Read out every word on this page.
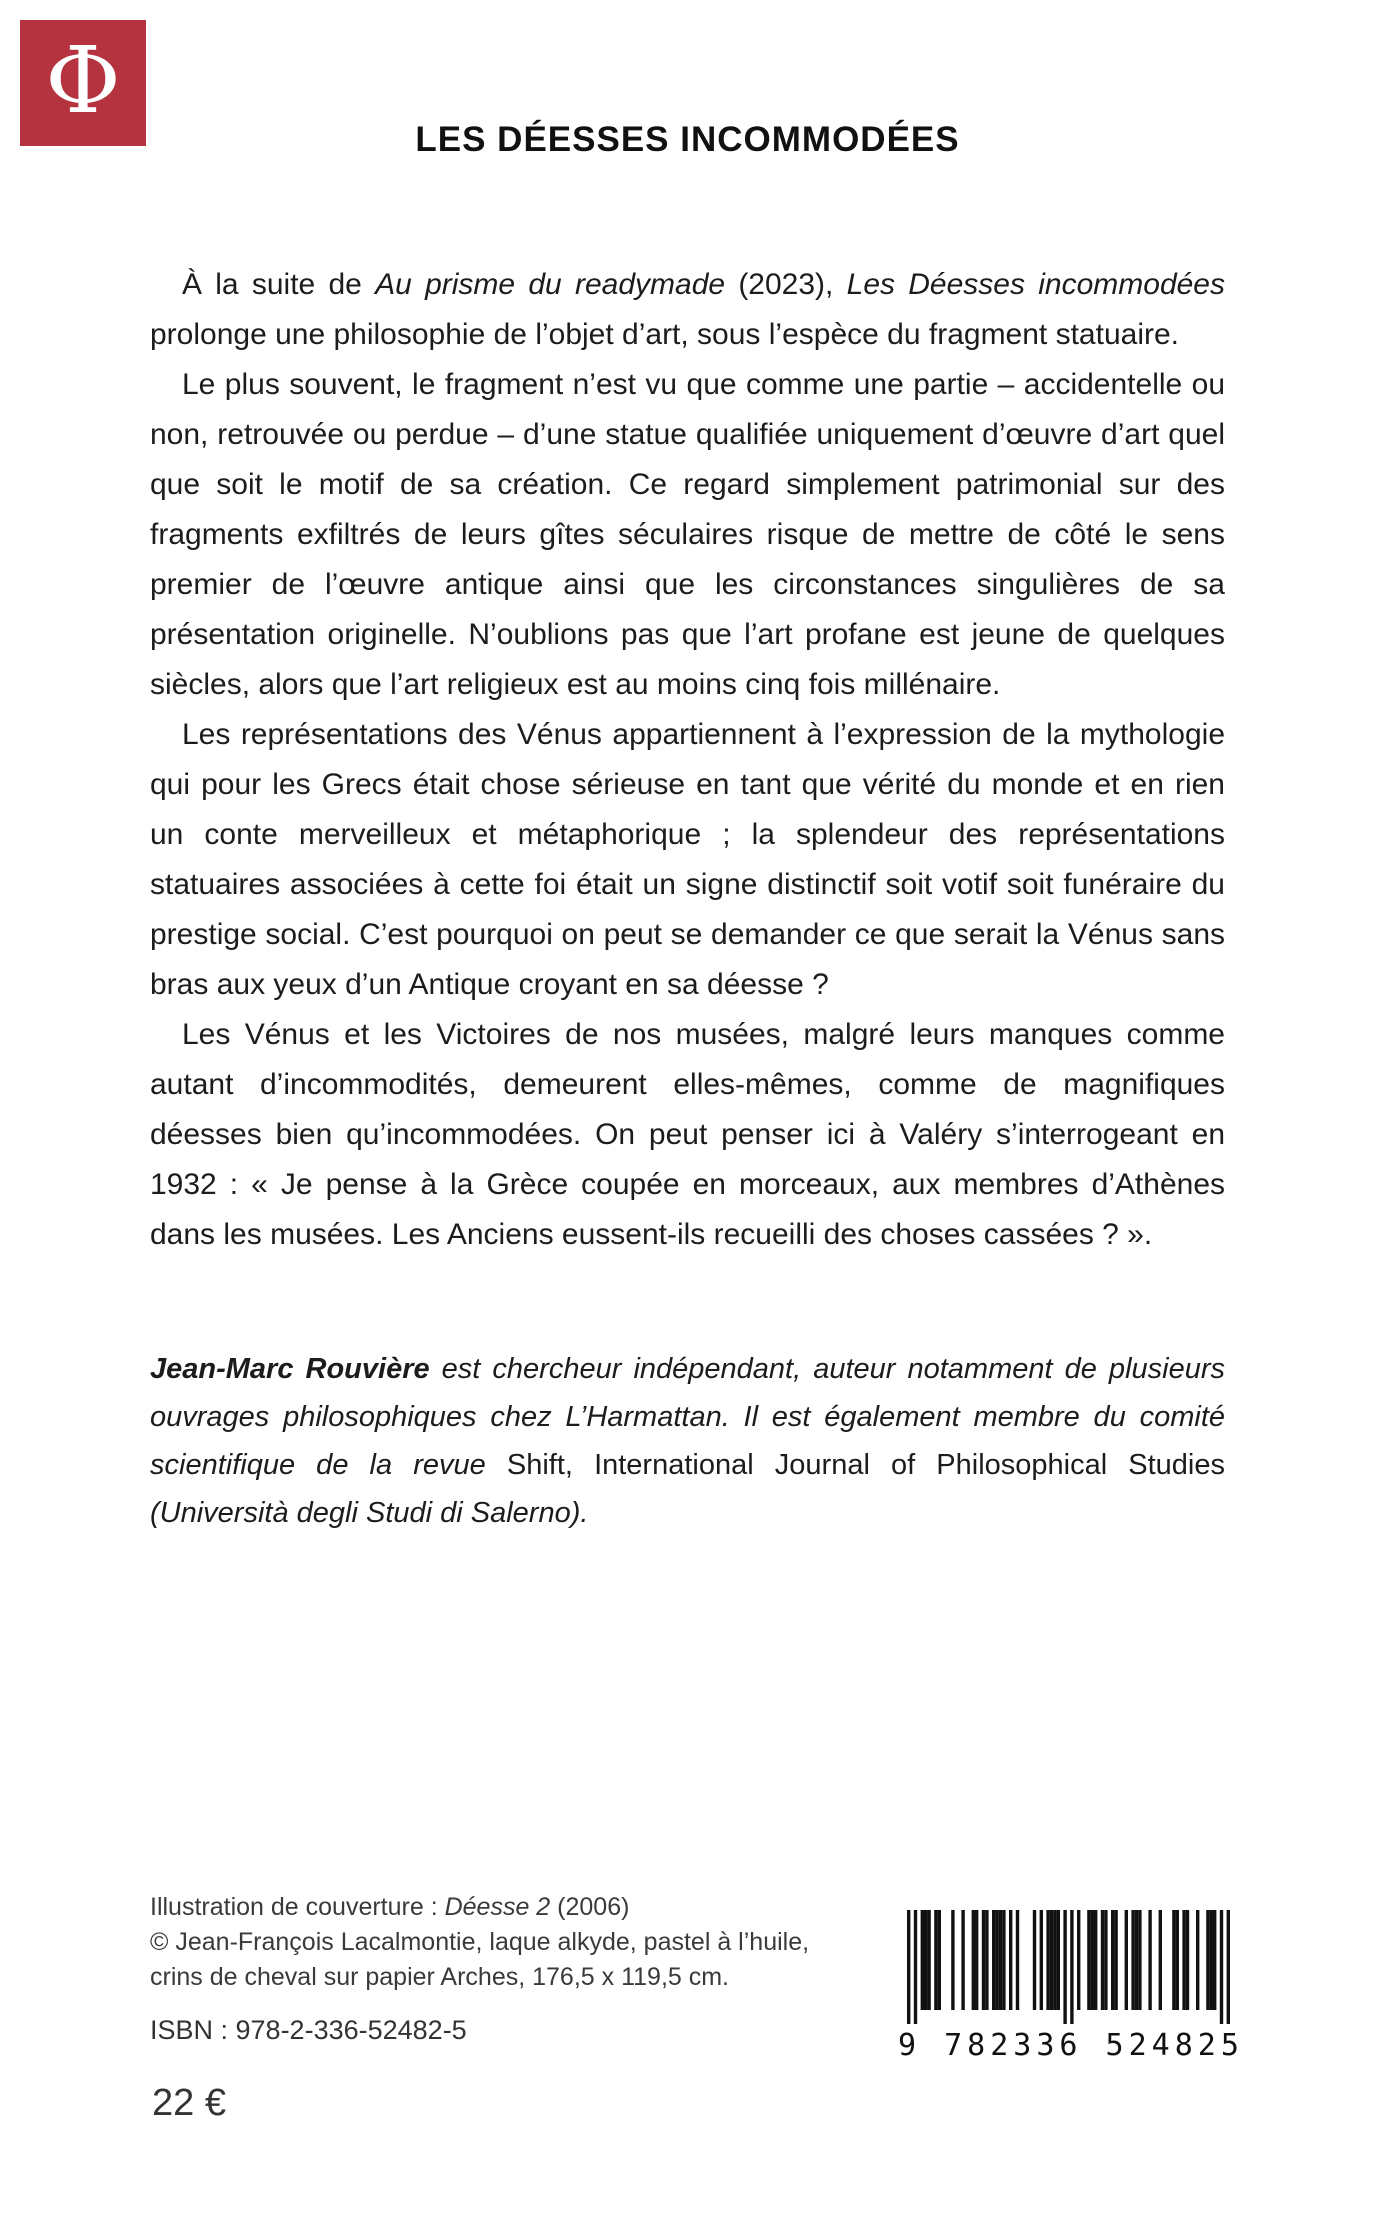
Φ
LES DÉESSES INCOMMODÉES

À la suite de Au prisme du readymade (2023), Les Déesses incommodées prolonge une philosophie de l’objet d’art, sous l’espèce du fragment statuaire.

Le plus souvent, le fragment n’est vu que comme une partie – accidentelle ou non, retrouvée ou perdue – d’une statue qualifiée uniquement d’œuvre d’art quel que soit le motif de sa création. Ce regard simplement patrimonial sur des fragments exfiltrés de leurs gîtes séculaires risque de mettre de côté le sens premier de l’œuvre antique ainsi que les circonstances singulières de sa présentation originelle. N’oublions pas que l’art profane est jeune de quelques siècles, alors que l’art religieux est au moins cinq fois millénaire.

Les représentations des Vénus appartiennent à l’expression de la mythologie qui pour les Grecs était chose sérieuse en tant que vérité du monde et en rien un conte merveilleux et métaphorique ; la splendeur des représentations statuaires associées à cette foi était un signe distinctif soit votif soit funéraire du prestige social. C’est pourquoi on peut se demander ce que serait la Vénus sans bras aux yeux d’un Antique croyant en sa déesse ?

Les Vénus et les Victoires de nos musées, malgré leurs manques comme autant d’incommodités, demeurent elles-mêmes, comme de magnifiques déesses bien qu’incommodées. On peut penser ici à Valéry s’interrogeant en 1932 : « Je pense à la Grèce coupée en morceaux, aux membres d’Athènes dans les musées. Les Anciens eussent-ils recueilli des choses cassées ? ».

Jean-Marc Rouvière est chercheur indépendant, auteur notamment de plusieurs ouvrages philosophiques chez L’Harmattan. Il est également membre du comité scientifique de la revue Shift, International Journal of Philosophical Studies (Università degli Studi di Salerno).
Illustration de couverture : Déesse 2 (2006)
© Jean-François Lacalmontie, laque alkyde, pastel à l’huile,
crins de cheval sur papier Arches, 176,5 x 119,5 cm.
ISBN : 978-2-336-52482-5
22 €
9 782336 524825
